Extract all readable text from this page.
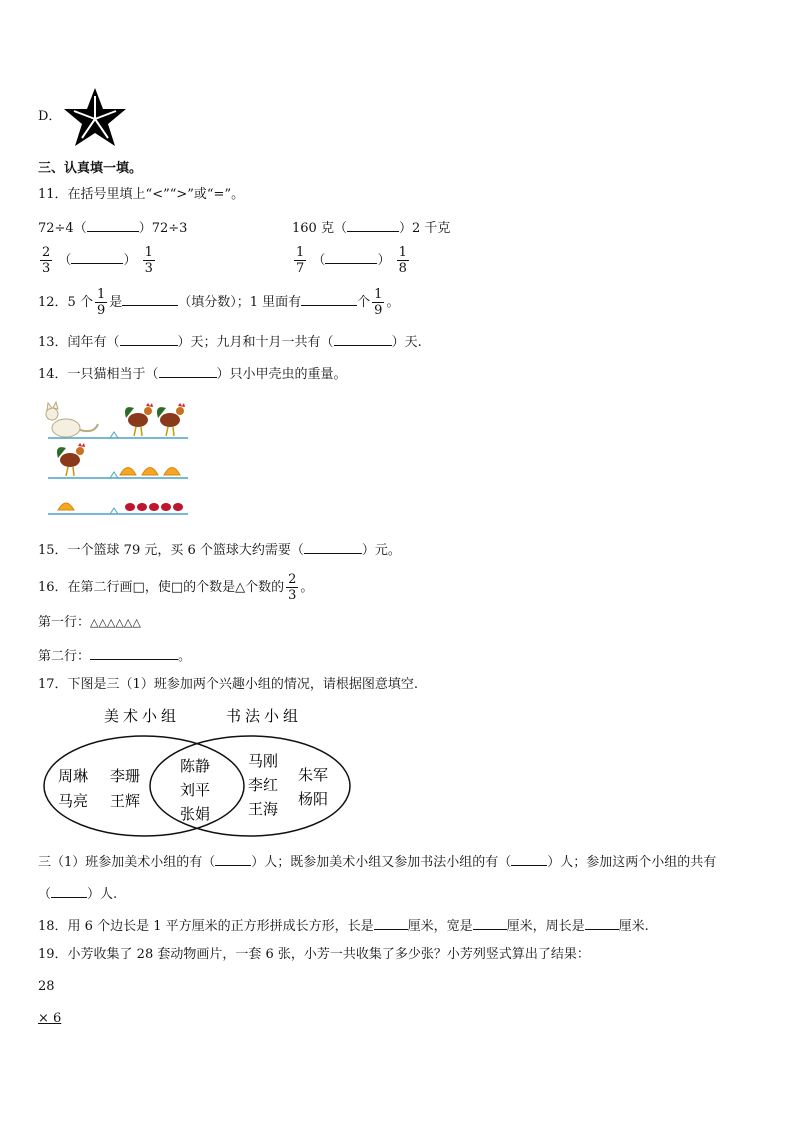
D．
三、认真填一填。
11．在括号里填上“<”“>”或“=”。
72÷4（	）72÷3	160 克（	）2 千克
$\frac{2}{3}$ （	） $\frac{1}{3}$	$\frac{1}{7}$ （	） $\frac{1}{8}$
12．5 个 $\frac{1}{9}$ 是	（填分数）；1 里面有	个 $\frac{1}{9}$ 。
13．闰年有（	）天；九月和十月一共有（	）天.
14．一只猫相当于（	）只小甲壳虫的重量。
15．一个篮球 79 元，买 6 个篮球大约需要（	）元。
16．在第二行画□，使□的个数是△个数的 $\frac{2}{3}$ 。
第一行：△△△△△△
第二行：	。
17．下图是三（1）班参加两个兴趣小组的情况，请根据图意填空.
美术小组	书法小组
周琳 李珊
马亮 王辉
陈静
刘平
张娟
马刚
李红
王海
朱军
杨阳
三（1）班参加美术小组的有（	）人；既参加美术小组又参加书法小组的有（	）人；参加这两个小组的共有
（	）人.
18．用 6 个边长是 1 平方厘米的正方形拼成长方形，长是	厘米，宽是	厘米，周长是	厘米.
19．小芳收集了 28 套动物画片，一套 6 张，小芳一共收集了多少张？小芳列竖式算出了结果：
28
× 6
